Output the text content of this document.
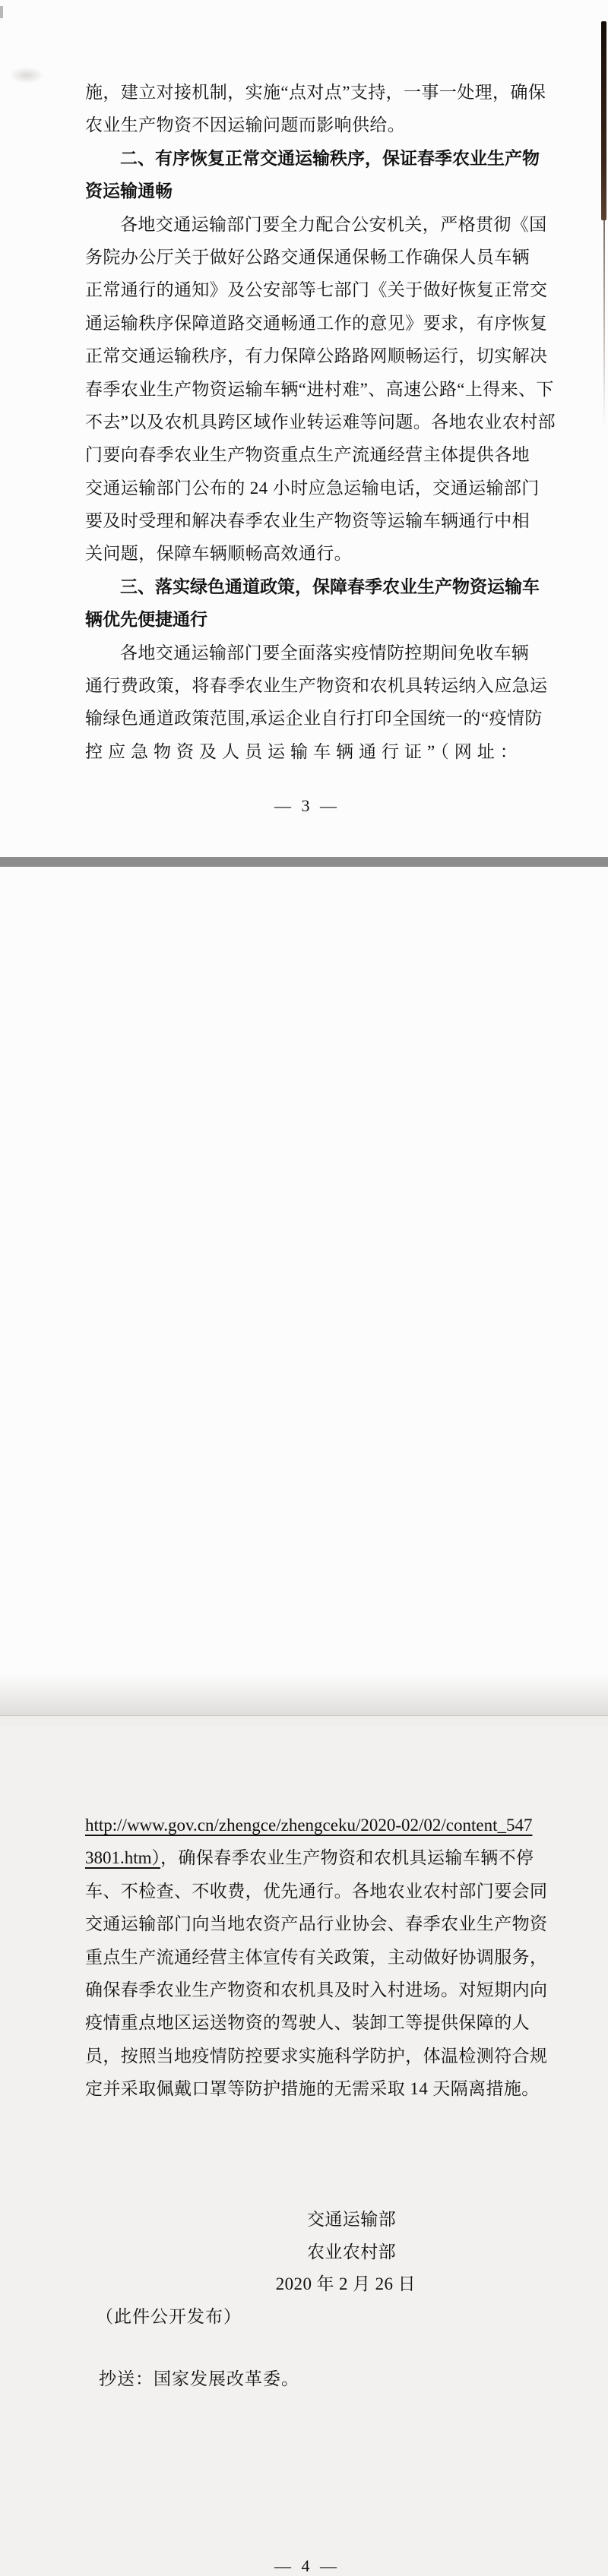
施，建立对接机制，实施“点对点”支持，一事一处理，确保
农业生产物资不因运输问题而影响供给。
二、有序恢复正常交通运输秩序，保证春季农业生产物
资运输通畅
各地交通运输部门要全力配合公安机关，严格贯彻《国
务院办公厅关于做好公路交通保通保畅工作确保人员车辆
正常通行的通知》及公安部等七部门《关于做好恢复正常交
通运输秩序保障道路交通畅通工作的意见》要求，有序恢复
正常交通运输秩序，有力保障公路路网顺畅运行，切实解决
春季农业生产物资运输车辆“进村难”、高速公路“上得来、下
不去”以及农机具跨区域作业转运难等问题。各地农业农村部
门要向春季农业生产物资重点生产流通经营主体提供各地
交通运输部门公布的 24 小时应急运输电话，交通运输部门
要及时受理和解决春季农业生产物资等运输车辆通行中相
关问题，保障车辆顺畅高效通行。
三、落实绿色通道政策，保障春季农业生产物资运输车
辆优先便捷通行
各地交通运输部门要全面落实疫情防控期间免收车辆
通行费政策，将春季农业生产物资和农机具转运纳入应急运
输绿色通道政策范围,承运企业自行打印全国统一的“疫情防
控应急物资及人员运输车辆通行证”（网址：
— 3 —
http://www.gov.cn/zhengce/zhengceku/2020-02/02/content_547
3801.htm），确保春季农业生产物资和农机具运输车辆不停
车、不检查、不收费，优先通行。各地农业农村部门要会同
交通运输部门向当地农资产品行业协会、春季农业生产物资
重点生产流通经营主体宣传有关政策，主动做好协调服务，
确保春季农业生产物资和农机具及时入村进场。对短期内向
疫情重点地区运送物资的驾驶人、装卸工等提供保障的人
员，按照当地疫情防控要求实施科学防护，体温检测符合规
定并采取佩戴口罩等防护措施的无需采取 14 天隔离措施。
交通运输部
农业农村部
2020 年 2 月 26 日
（此件公开发布）
抄送：国家发展改革委。
— 4 —
